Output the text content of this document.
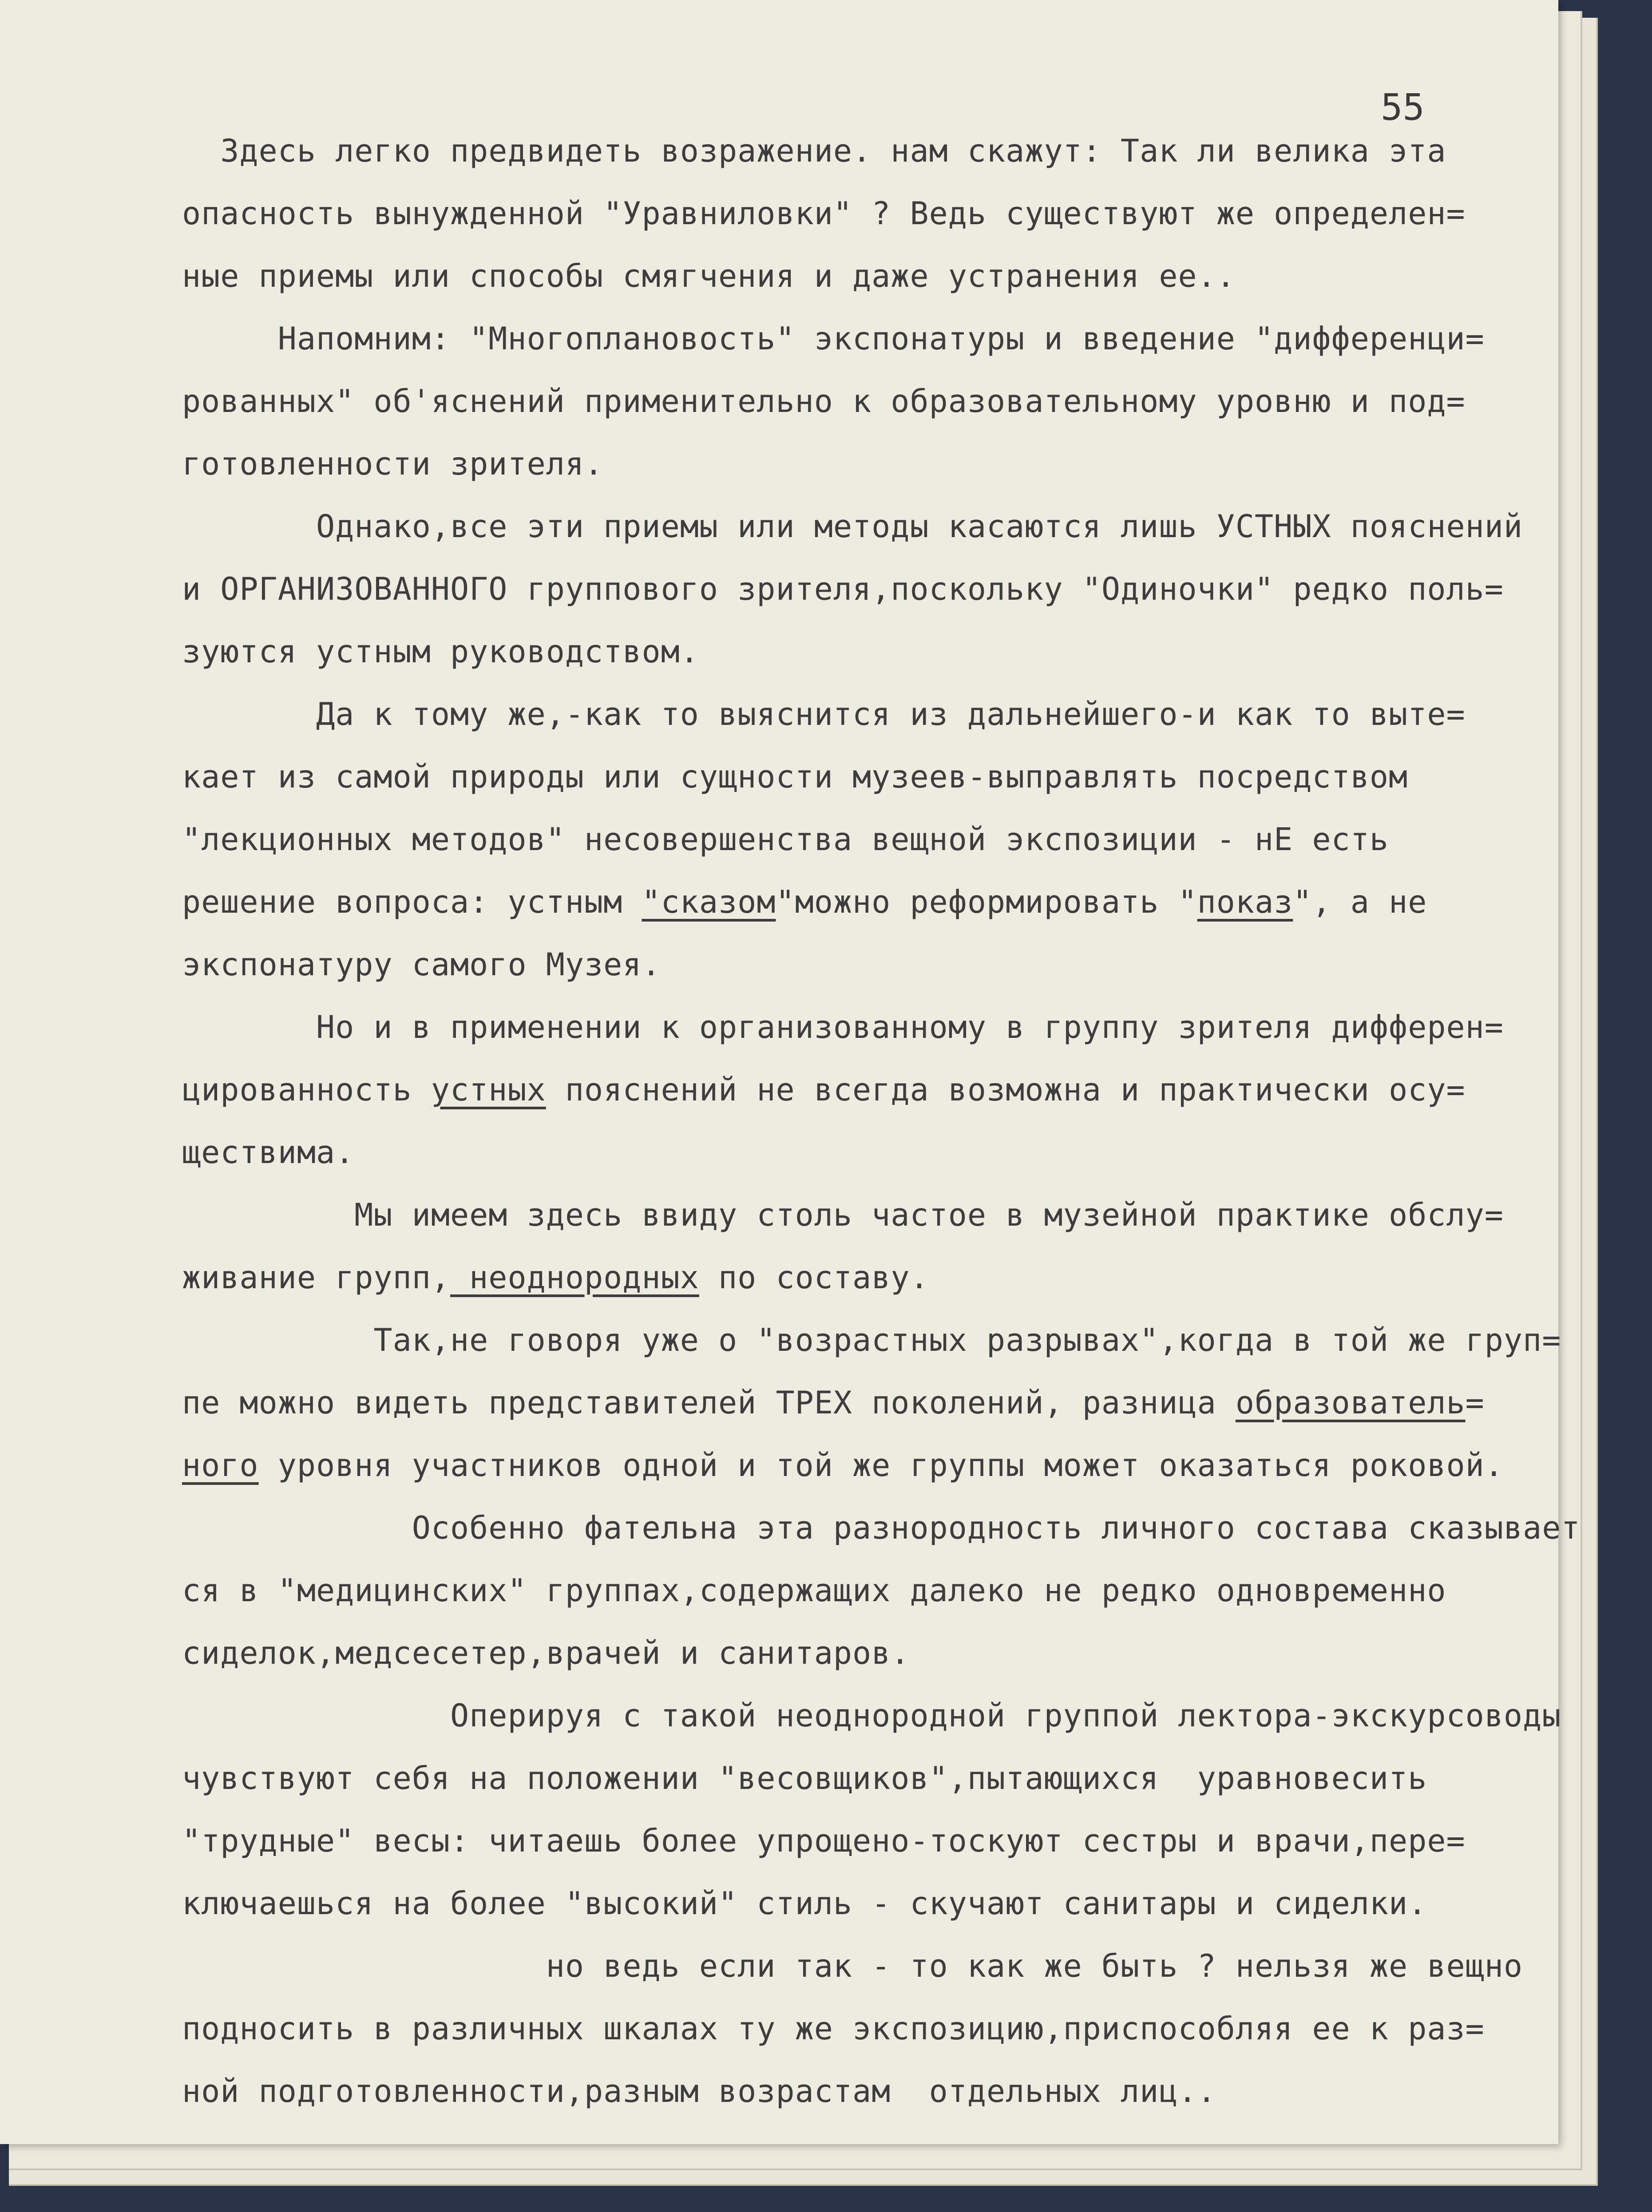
55
Здесь легко предвидеть возражение. нам скажут: Так ли велика эта
опасность вынужденной "Уравниловки" ? Ведь существуют же определен=
ные приемы или способы смягчения и даже устранения ее..
Напомним: "Многоплановость" экспонатуры и введение "дифференци=
рованных" об'яснений применительно к образовательному уровню и под=
готовленности зрителя.
Однако,все эти приемы или методы касаются лишь УСТНЫХ пояснений
и ОРГАНИЗОВАННОГО группового зрителя,поскольку "Одиночки" редко поль=
зуются устным руководством.
Да к тому же,-как то выяснится из дальнейшего-и как то выте=
кает из самой природы или сущности музеев-выправлять посредством
"лекционных методов" несовершенства вещной экспозиции - нЕ есть
решение вопроса: устным "сказом"можно реформировать "показ", а не
экспонатуру самого Музея.
Но и в применении к организованному в группу зрителя дифферен=
цированность устных пояснений не всегда возможна и практически осу=
ществима.
Мы имеем здесь ввиду столь частое в музейной практике обслу=
живание групп, неоднородных по составу.
Так,не говоря уже о "возрастных разрывах",когда в той же груп=
пе можно видеть представителей ТРЕХ поколений, разница образователь=
ного уровня участников одной и той же группы может оказаться роковой.
Особенно фательна эта разнородность личного состава сказывает
ся в "медицинских" группах,содержащих далеко не редко одновременно
сиделок,медсесетер,врачей и санитаров.
Оперируя с такой неоднородной группой лектора-экскурсоводы
чувствуют себя на положении "весовщиков",пытающихся  уравновесить
"трудные" весы: читаешь более упрощено-тоскуют сестры и врачи,пере=
ключаешься на более "высокий" стиль - скучают санитары и сиделки.
но ведь если так - то как же быть ? нельзя же вещно
подносить в различных шкалах ту же экспозицию,приспособляя ее к раз=
ной подготовленности,разным возрастам  отдельных лиц..
